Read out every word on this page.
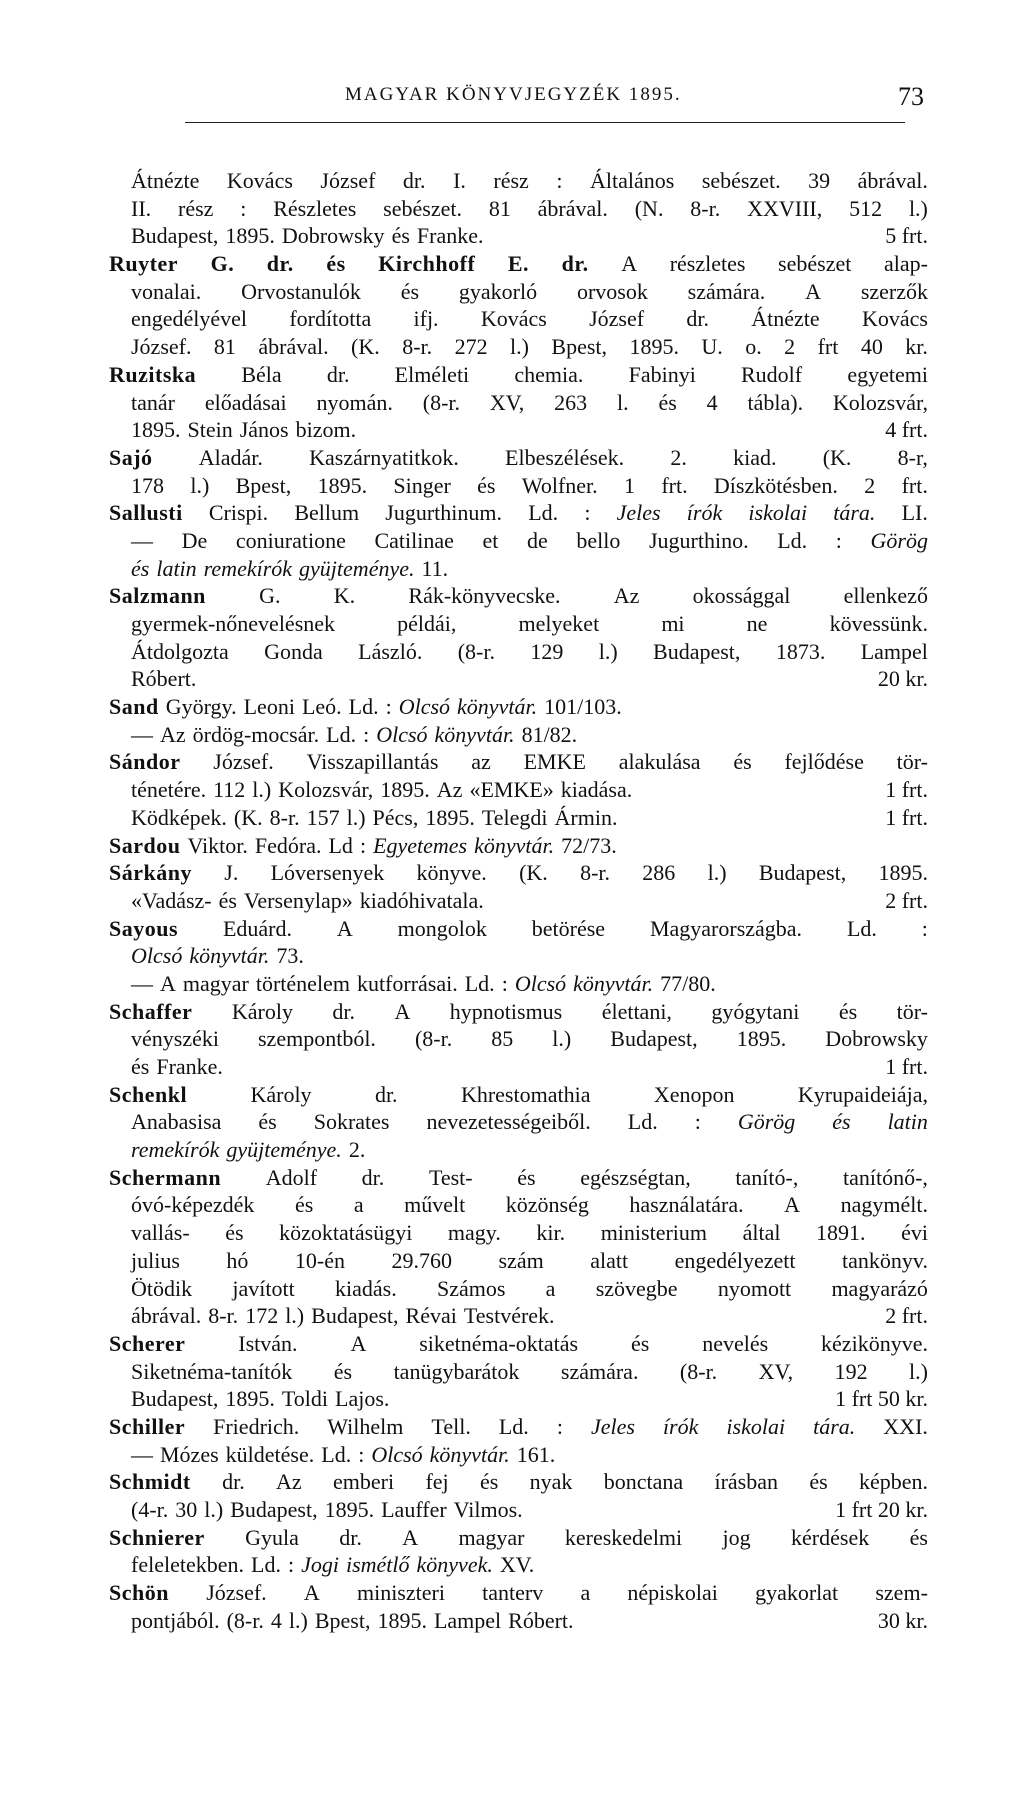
MAGYAR KÖNYVJEGYZÉK 1895.	73
Átnézte Kovács József dr. I. rész : Általános sebészet. 39 ábrával.
II. rész : Részletes sebészet. 81 ábrával. (N. 8-r. XXVIII, 512 l.)
Budapest, 1895. Dobrowsky és Franke.	5 frt.
Ruyter G. dr. és Kirchhoff E. dr. A részletes sebészet alap-
vonalai. Orvostanulók és gyakorló orvosok számára. A szerzők
engedélyével fordította ifj. Kovács József dr. Átnézte Kovács
József. 81 ábrával. (K. 8-r. 272 l.) Bpest, 1895. U. o. 2 frt 40 kr.
Ruzitska Béla dr. Elméleti chemia. Fabinyi Rudolf egyetemi
tanár előadásai nyomán. (8-r. XV, 263 l. és 4 tábla). Kolozsvár,
1895. Stein János bizom.	4 frt.
Sajó Aladár. Kaszárnyatitkok. Elbeszélések. 2. kiad. (K. 8-r,
178 l.) Bpest, 1895. Singer és Wolfner. 1 frt. Díszkötésben. 2 frt.
Sallusti Crispi. Bellum Jugurthinum. Ld. : Jeles írók iskolai tára. LI.
— De coniuratione Catilinae et de bello Jugurthino. Ld. : Görög
és latin remekírók gyüjteménye. 11.
Salzmann G. K. Rák-könyvecske. Az okossággal ellenkező
gyermek-nőnevelésnek	példái,	melyeket	mi	ne	kövessünk.
Átdolgozta Gonda László. (8-r. 129 l.) Budapest, 1873. Lampel
Róbert.	20 kr.
Sand György. Leoni Leó. Ld. : Olcsó könyvtár. 101/103.
— Az ördög-mocsár. Ld. : Olcsó könyvtár. 81/82.
Sándor József. Visszapillantás az EMKE alakulása és fejlődése tör-
ténetére. 112 l.) Kolozsvár, 1895. Az «EMKE» kiadása.	1 frt.
Ködképek. (K. 8-r. 157 l.) Pécs, 1895. Telegdi Ármin.	1 frt.
Sardou Viktor. Fedóra. Ld : Egyetemes könyvtár. 72/73.
Sárkány J. Lóversenyek könyve. (K. 8-r. 286 l.) Budapest, 1895.
«Vadász- és Versenylap» kiadóhivatala.	2 frt.
Sayous Eduárd. A mongolok betörése Magyarországba. Ld. :
Olcsó könyvtár. 73.
— A magyar történelem kutforrásai. Ld. : Olcsó könyvtár. 77/80.
Schaffer Károly dr. A hypnotismus élettani, gyógytani és tör-
vényszéki szempontból. (8-r. 85 l.) Budapest, 1895. Dobrowsky
és Franke.	1 frt.
Schenkl	Károly	dr.	Khrestomathia	Xenopon	Kyrupaideiája,
Anabasisa és Sokrates nevezetességeiből. Ld. : Görög és latin
remekírók gyüjteménye. 2.
Schermann Adolf dr. Test- és egészségtan, tanító-, tanítónő-,
óvó-képezdék és a művelt közönség használatára. A nagymélt.
vallás- és közoktatásügyi magy. kir. ministerium által 1891. évi
julius hó 10-én 29.760 szám alatt engedélyezett tankönyv.
Ötödik javított kiadás. Számos a szövegbe nyomott magyarázó
ábrával. 8-r. 172 l.) Budapest, Révai Testvérek.	2 frt.
Scherer István. A siketnéma-oktatás és nevelés kézikönyve.
Siketnéma-tanítók és tanügybarátok számára. (8-r. XV, 192 l.)
Budapest, 1895. Toldi Lajos.	1 frt 50 kr.
Schiller Friedrich. Wilhelm Tell. Ld. : Jeles írók iskolai tára. XXI.
— Mózes küldetése. Ld. : Olcsó könyvtár. 161.
Schmidt dr. Az emberi fej és nyak bonctana írásban és képben.
(4-r. 30 l.) Budapest, 1895. Lauffer Vilmos.	1 frt 20 kr.
Schnierer Gyula dr. A magyar kereskedelmi jog kérdések és
feleletekben. Ld. : Jogi ismétlő könyvek. XV.
Schön József. A miniszteri tanterv a népiskolai gyakorlat szem-
pontjából. (8-r. 4 l.) Bpest, 1895. Lampel Róbert.	30 kr.
